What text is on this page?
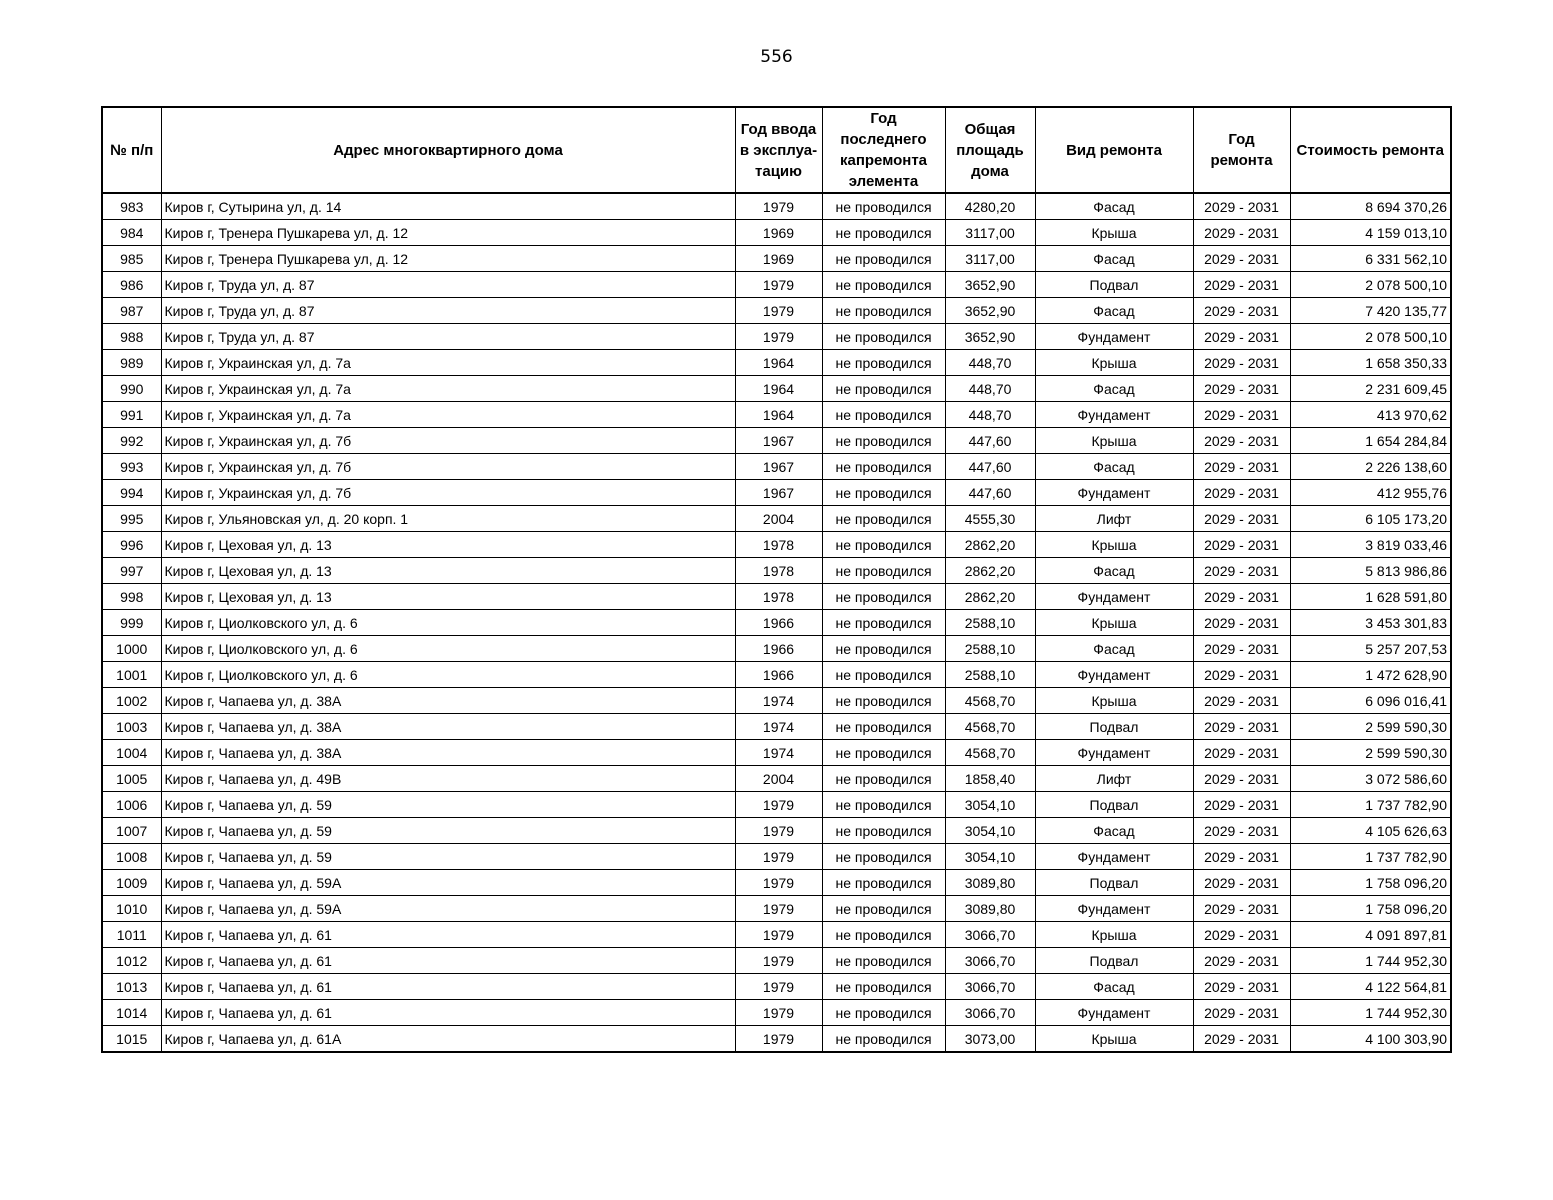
556
№ п/п	Адрес многоквартирного дома	Год ввода в эксплуа-тацию	Год последнего капремонта элемента	Общая площадь дома	Вид ремонта	Год ремонта	Стоимость ремонта
983	Киров г, Сутырина ул, д. 14	1979	не проводился	4280,20	Фасад	2029 - 2031	8 694 370,26
984	Киров г, Тренера Пушкарева ул, д. 12	1969	не проводился	3117,00	Крыша	2029 - 2031	4 159 013,10
985	Киров г, Тренера Пушкарева ул, д. 12	1969	не проводился	3117,00	Фасад	2029 - 2031	6 331 562,10
986	Киров г, Труда ул, д. 87	1979	не проводился	3652,90	Подвал	2029 - 2031	2 078 500,10
987	Киров г, Труда ул, д. 87	1979	не проводился	3652,90	Фасад	2029 - 2031	7 420 135,77
988	Киров г, Труда ул, д. 87	1979	не проводился	3652,90	Фундамент	2029 - 2031	2 078 500,10
989	Киров г, Украинская ул, д. 7а	1964	не проводился	448,70	Крыша	2029 - 2031	1 658 350,33
990	Киров г, Украинская ул, д. 7а	1964	не проводился	448,70	Фасад	2029 - 2031	2 231 609,45
991	Киров г, Украинская ул, д. 7а	1964	не проводился	448,70	Фундамент	2029 - 2031	413 970,62
992	Киров г, Украинская ул, д. 7б	1967	не проводился	447,60	Крыша	2029 - 2031	1 654 284,84
993	Киров г, Украинская ул, д. 7б	1967	не проводился	447,60	Фасад	2029 - 2031	2 226 138,60
994	Киров г, Украинская ул, д. 7б	1967	не проводился	447,60	Фундамент	2029 - 2031	412 955,76
995	Киров г, Ульяновская ул, д. 20 корп. 1	2004	не проводился	4555,30	Лифт	2029 - 2031	6 105 173,20
996	Киров г, Цеховая ул, д. 13	1978	не проводился	2862,20	Крыша	2029 - 2031	3 819 033,46
997	Киров г, Цеховая ул, д. 13	1978	не проводился	2862,20	Фасад	2029 - 2031	5 813 986,86
998	Киров г, Цеховая ул, д. 13	1978	не проводился	2862,20	Фундамент	2029 - 2031	1 628 591,80
999	Киров г, Циолковского ул, д. 6	1966	не проводился	2588,10	Крыша	2029 - 2031	3 453 301,83
1000	Киров г, Циолковского ул, д. 6	1966	не проводился	2588,10	Фасад	2029 - 2031	5 257 207,53
1001	Киров г, Циолковского ул, д. 6	1966	не проводился	2588,10	Фундамент	2029 - 2031	1 472 628,90
1002	Киров г, Чапаева ул, д. 38А	1974	не проводился	4568,70	Крыша	2029 - 2031	6 096 016,41
1003	Киров г, Чапаева ул, д. 38А	1974	не проводился	4568,70	Подвал	2029 - 2031	2 599 590,30
1004	Киров г, Чапаева ул, д. 38А	1974	не проводился	4568,70	Фундамент	2029 - 2031	2 599 590,30
1005	Киров г, Чапаева ул, д. 49В	2004	не проводился	1858,40	Лифт	2029 - 2031	3 072 586,60
1006	Киров г, Чапаева ул, д. 59	1979	не проводился	3054,10	Подвал	2029 - 2031	1 737 782,90
1007	Киров г, Чапаева ул, д. 59	1979	не проводился	3054,10	Фасад	2029 - 2031	4 105 626,63
1008	Киров г, Чапаева ул, д. 59	1979	не проводился	3054,10	Фундамент	2029 - 2031	1 737 782,90
1009	Киров г, Чапаева ул, д. 59А	1979	не проводился	3089,80	Подвал	2029 - 2031	1 758 096,20
1010	Киров г, Чапаева ул, д. 59А	1979	не проводился	3089,80	Фундамент	2029 - 2031	1 758 096,20
1011	Киров г, Чапаева ул, д. 61	1979	не проводился	3066,70	Крыша	2029 - 2031	4 091 897,81
1012	Киров г, Чапаева ул, д. 61	1979	не проводился	3066,70	Подвал	2029 - 2031	1 744 952,30
1013	Киров г, Чапаева ул, д. 61	1979	не проводился	3066,70	Фасад	2029 - 2031	4 122 564,81
1014	Киров г, Чапаева ул, д. 61	1979	не проводился	3066,70	Фундамент	2029 - 2031	1 744 952,30
1015	Киров г, Чапаева ул, д. 61А	1979	не проводился	3073,00	Крыша	2029 - 2031	4 100 303,90
